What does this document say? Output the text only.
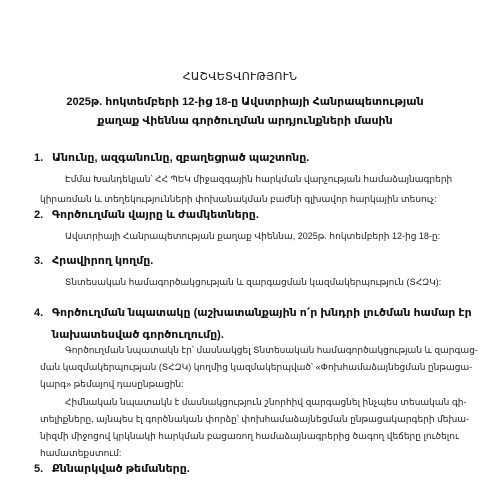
ՀԱՇՎԵՏՎՈՒԹՅՈՒՆ
2025թ. հոկտեմբերի 12-ից 18-ը Ավստրիայի Հանրապետության քաղաք Վիեննա գործուղման արդյունքների մասին
1. Անունը, ազգանունը, զբաղեցրած պաշտոնը.
Էմմա Խանդեկյան՝ ՀՀ ՊԵԿ միջազգային հարկման վարչության համաձայնագրերի
կիրառման և տեղեկությունների փոխանակման բաժնի գլխավոր հարկային տեսուչ:
2. Գործուղման վայրը և ժամկետները.
Ավստրիայի Հանրապետության քաղաք Վիեննա, 2025թ. հոկտեմբերի 12-ից 18-ը:
3. Հրավիրող կողմը.
Տնտեսական համագործակցության և զարգացման կազմակերպություն (ՏՀԶԿ):
4. Գործուղման նպատակը (աշխատանքային ո՛ր խնդրի լուծման համար էր
նախատեսված գործուղումը).
Գործուղման նպատակն էր՝ մասնակցել Տնտեսական համագործակցության և զարգաց-
ման կազմակերպության (ՏՀԶԿ) կողմից կազմակերպված՝ «Փոխհամաձայնեցման ընթացա-
կարգ» թեմայով դասընթացին:
Հիմնական նպատակն է մասնակցություն շնորհիվ զարգացնել ինչպես տեսական գի-
տելիքները, այնպես էլ գործնական փորձը՝ փոխհամաձայնեցման ընթացակարգերի մեխա-
նիզմի միջոցով կրկնակի հարկման բացառող համաձայնագրերից ծագող վեճերը լուծելու
համատեքստում:
5. Քննարկված թեմաները.
